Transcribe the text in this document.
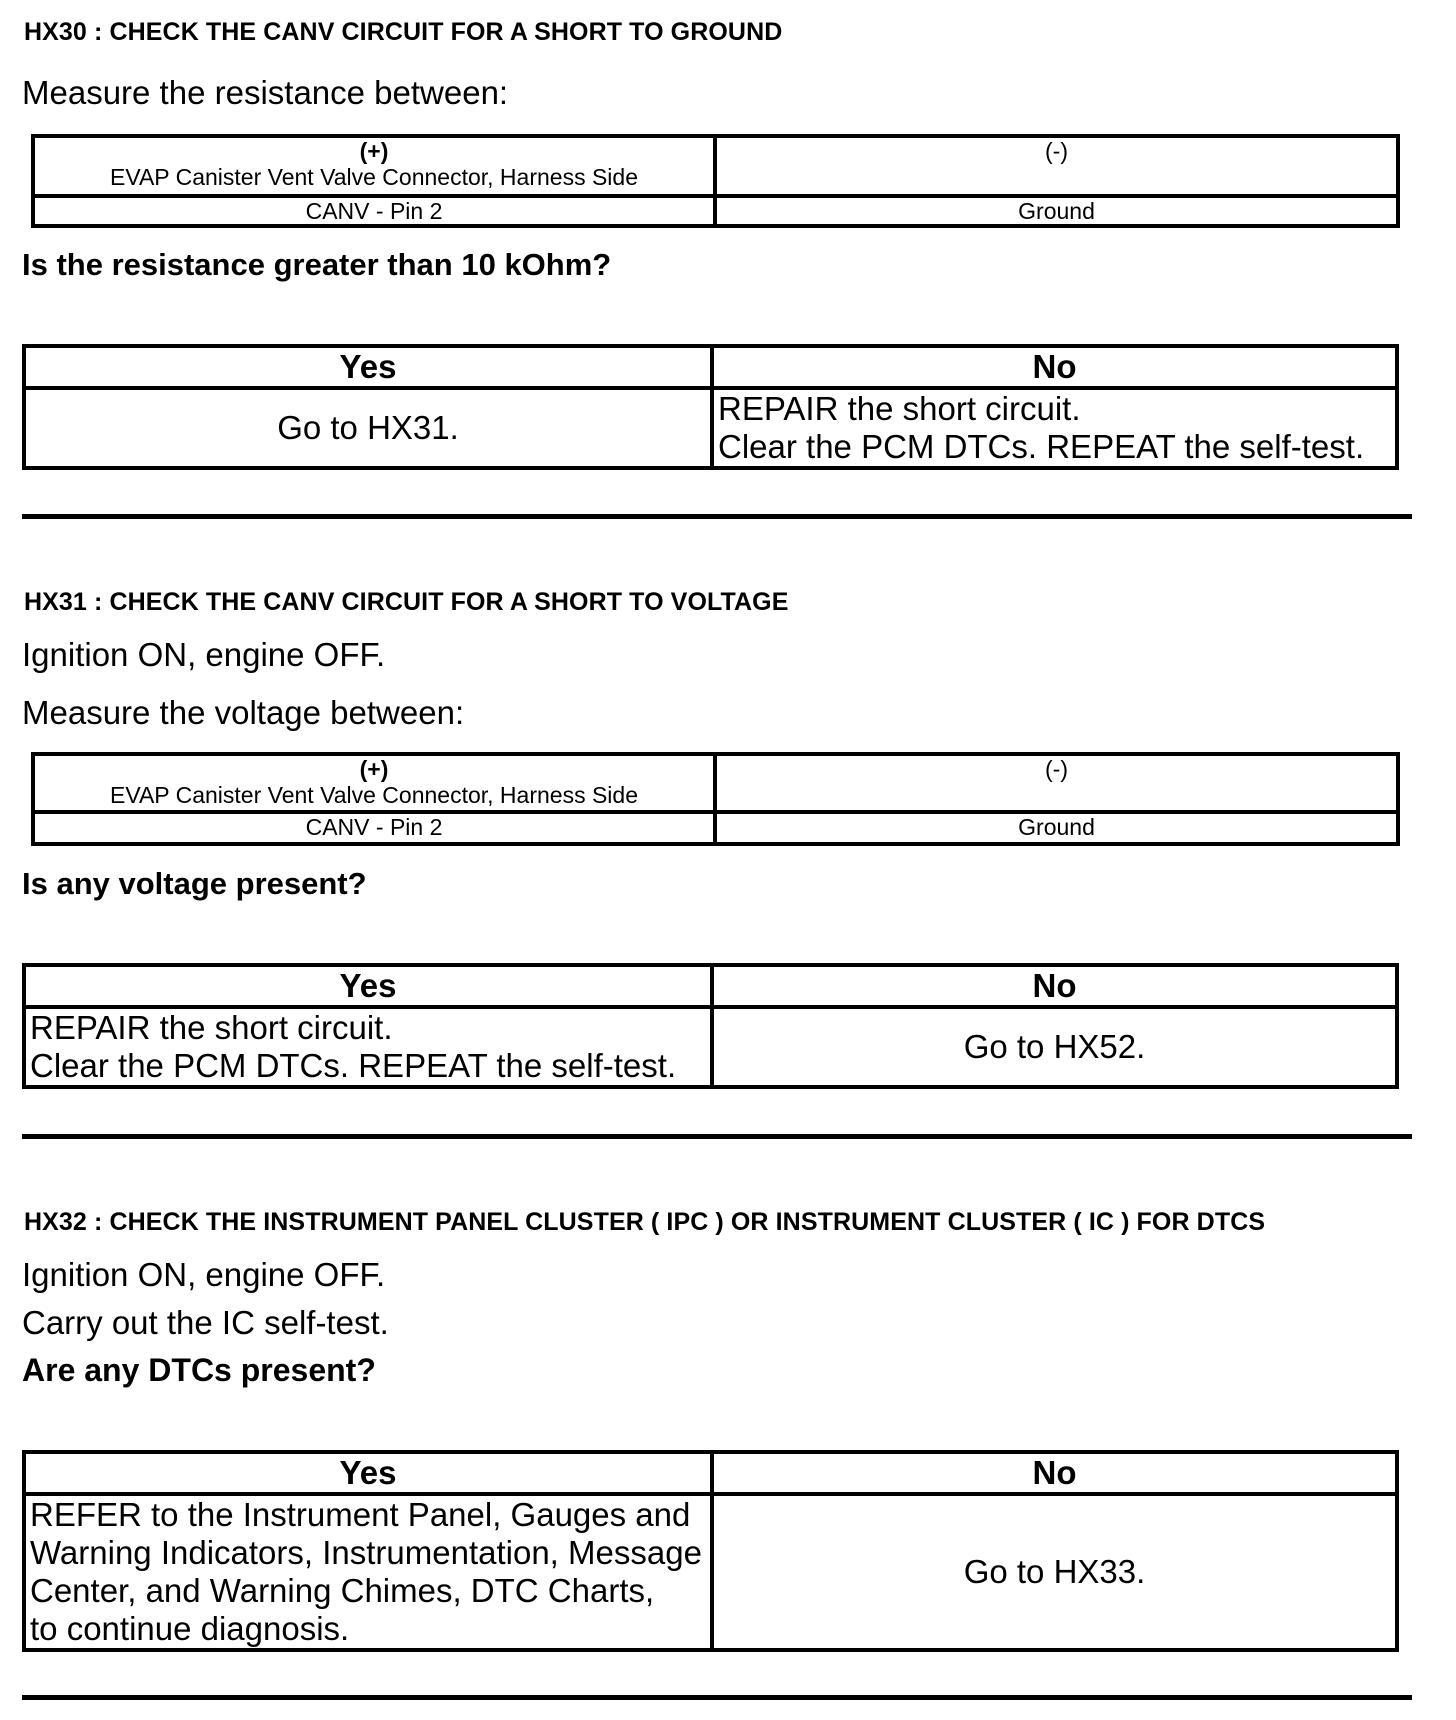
HX30 : CHECK THE CANV CIRCUIT FOR A SHORT TO GROUND
Measure the resistance between:
(+)
EVAP Canister Vent Valve Connector, Harness Side	(-)

CANV - Pin 2	Ground
Is the resistance greater than 10 kOhm?
Yes	No
Go to HX31.	REPAIR the short circuit.
Clear the PCM DTCs. REPEAT the self-test.
HX31 : CHECK THE CANV CIRCUIT FOR A SHORT TO VOLTAGE
Ignition ON, engine OFF.
Measure the voltage between:
(+)
EVAP Canister Vent Valve Connector, Harness Side	(-)

CANV - Pin 2	Ground
Is any voltage present?
Yes	No

REPAIR the short circuit.
Clear the PCM DTCs. REPEAT the self-test.	Go to HX52.
HX32 : CHECK THE INSTRUMENT PANEL CLUSTER ( IPC ) OR INSTRUMENT CLUSTER ( IC ) FOR DTCS
Ignition ON, engine OFF.
Carry out the IC self-test.
Are any DTCs present?
Yes	No

REFER to the Instrument Panel, Gauges and
Warning Indicators, Instrumentation, Message
Center, and Warning Chimes, DTC Charts,
to continue diagnosis.	Go to HX33.
